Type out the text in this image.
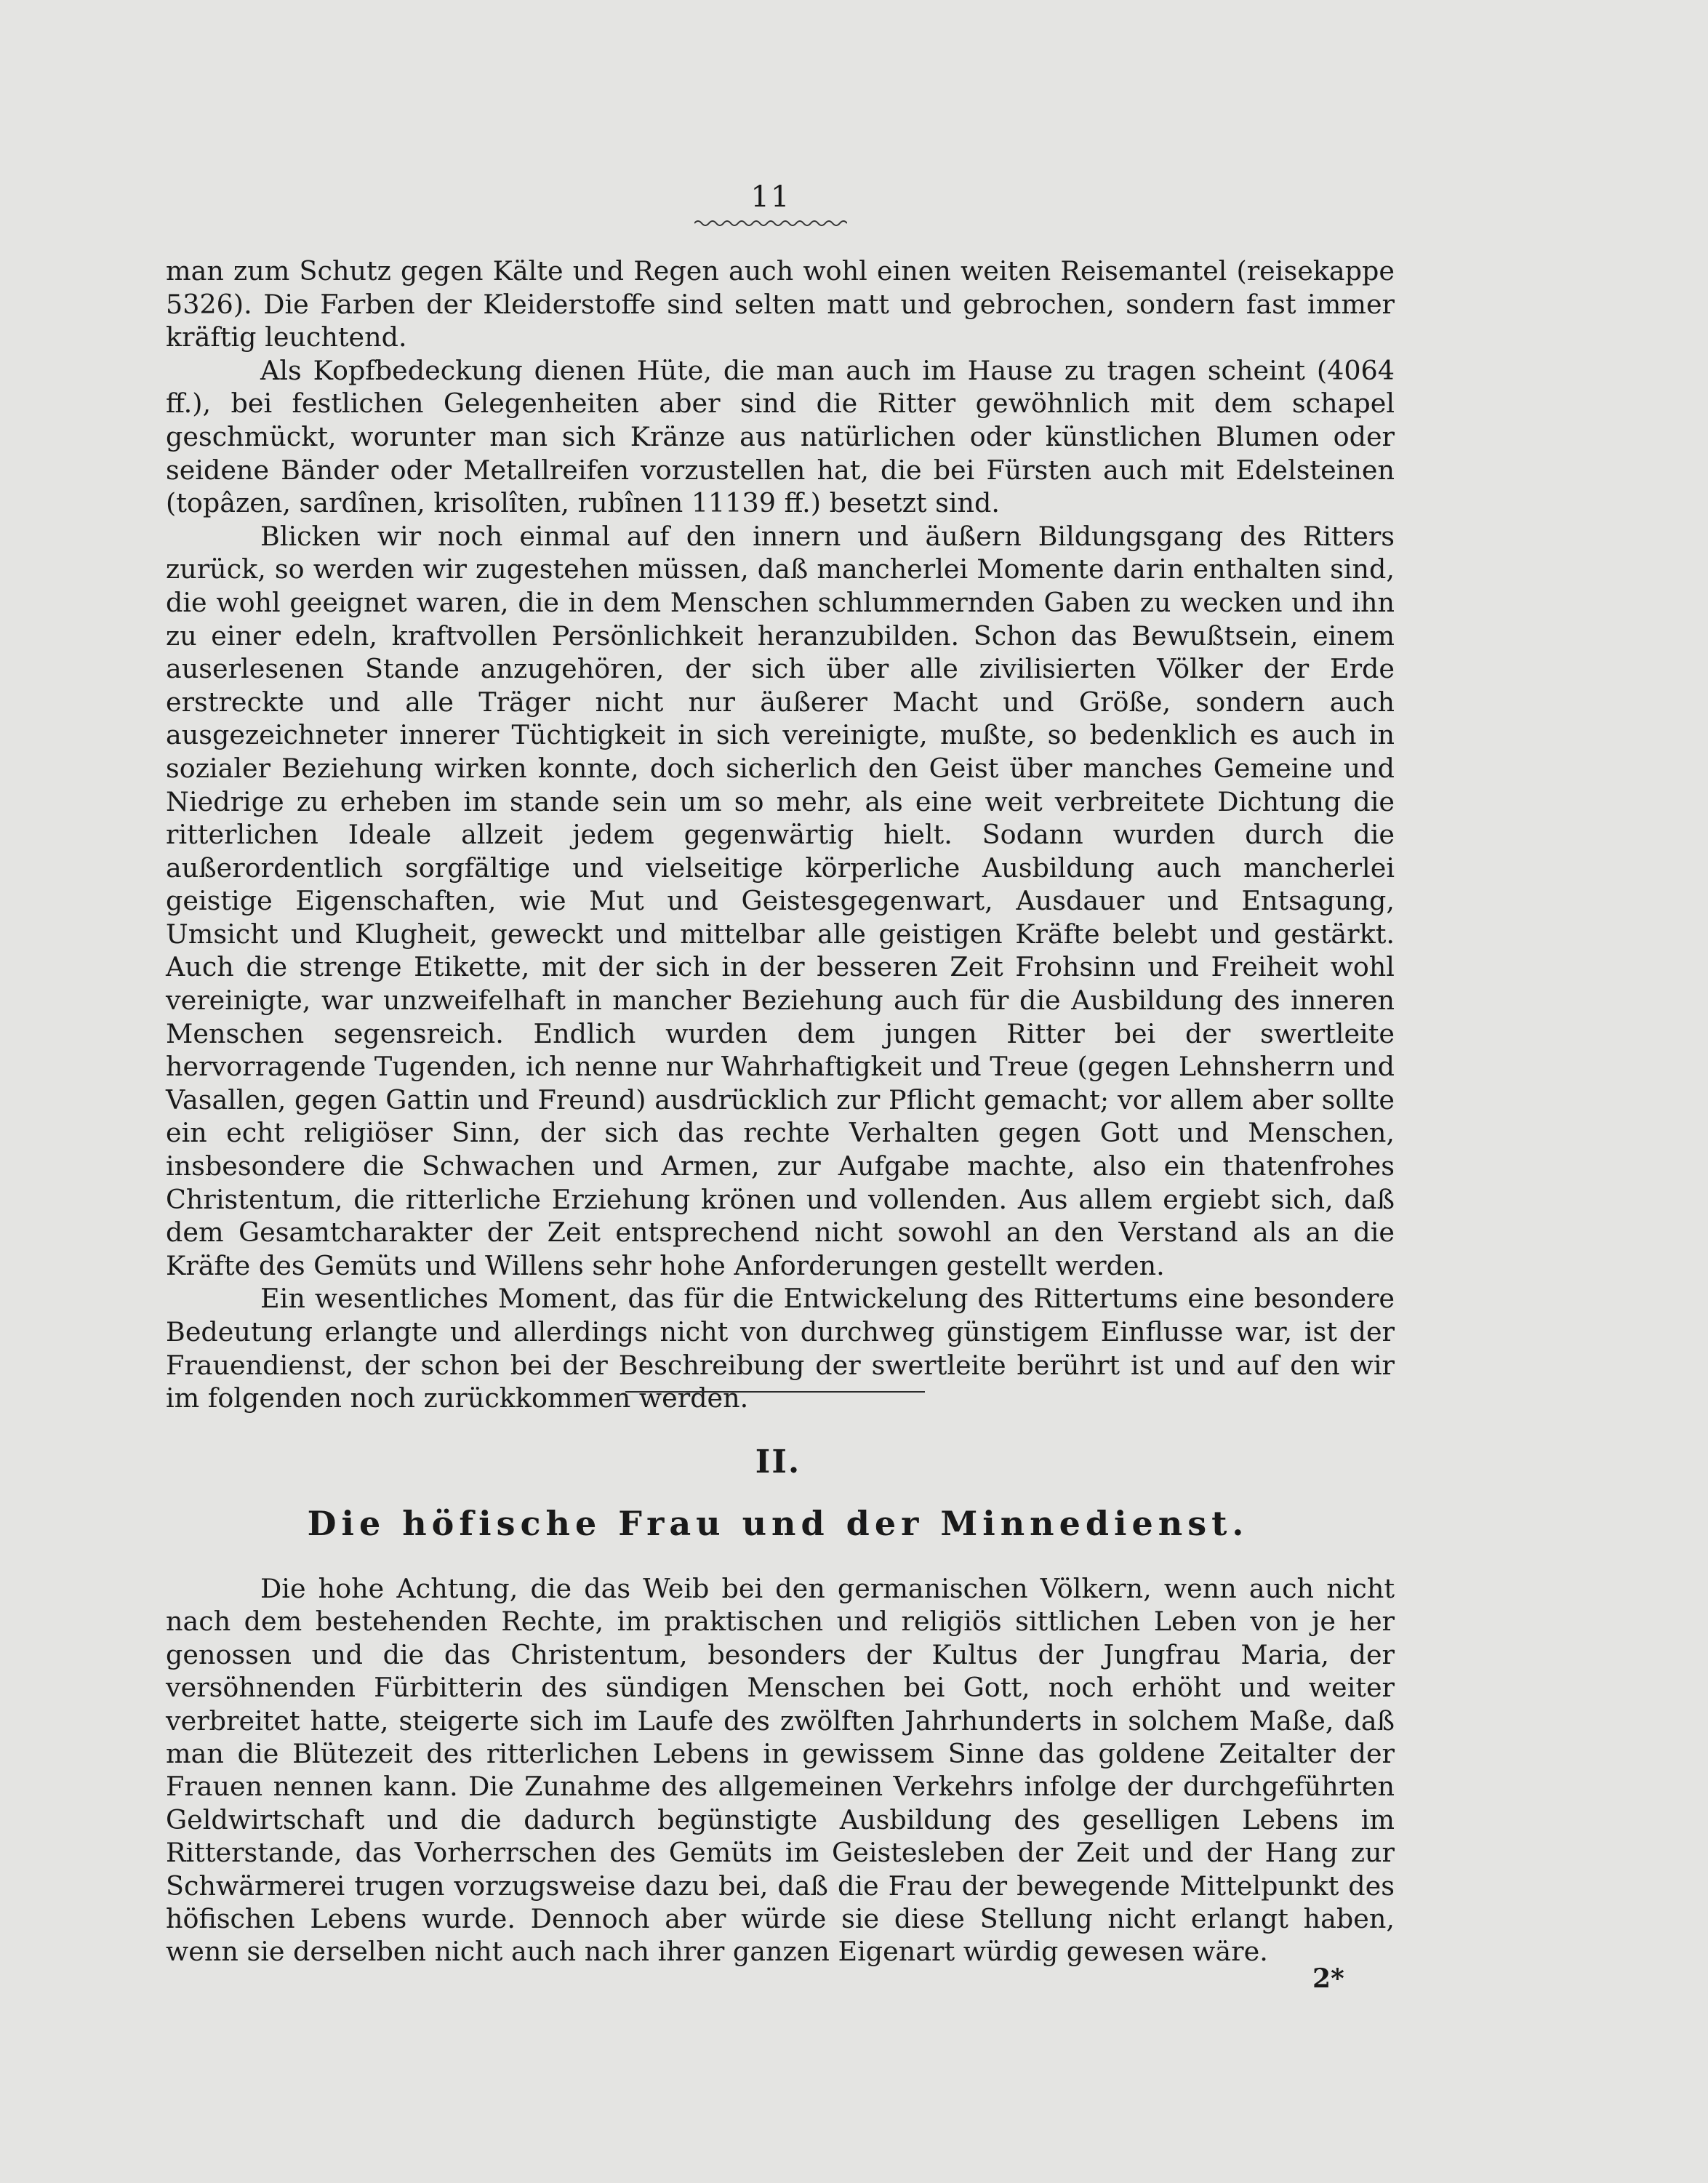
11

man zum Schutz gegen Kälte und Regen auch wohl einen weiten Reisemantel (reisekappe 5326). Die Farben der Kleiderstoffe sind selten matt und gebrochen, sondern fast immer kräftig leuchtend.

Als Kopfbedeckung dienen Hüte, die man auch im Hause zu tragen scheint (4064 ff.), bei festlichen Gelegenheiten aber sind die Ritter gewöhnlich mit dem schapel geschmückt, worunter man sich Kränze aus natürlichen oder künstlichen Blumen oder seidene Bänder oder Metallreifen vorzustellen hat, die bei Fürsten auch mit Edelsteinen (topâzen, sardînen, krisolîten, rubînen 11139 ff.) besetzt sind.

Blicken wir noch einmal auf den innern und äußern Bildungsgang des Ritters zurück, so werden wir zugestehen müssen, daß mancherlei Momente darin enthalten sind, die wohl geeignet waren, die in dem Menschen schlummernden Gaben zu wecken und ihn zu einer edeln, kraftvollen Persönlichkeit heranzubilden. Schon das Bewußtsein, einem auserlesenen Stande anzugehören, der sich über alle zivilisierten Völker der Erde erstreckte und alle Träger nicht nur äußerer Macht und Größe, sondern auch ausgezeichneter innerer Tüchtigkeit in sich vereinigte, mußte, so bedenklich es auch in sozialer Beziehung wirken konnte, doch sicherlich den Geist über manches Gemeine und Niedrige zu erheben im stande sein um so mehr, als eine weit verbreitete Dichtung die ritterlichen Ideale allzeit jedem gegenwärtig hielt. Sodann wurden durch die außerordentlich sorgfältige und vielseitige körperliche Ausbildung auch mancherlei geistige Eigenschaften, wie Mut und Geistesgegenwart, Ausdauer und Entsagung, Umsicht und Klugheit, geweckt und mittelbar alle geistigen Kräfte belebt und gestärkt. Auch die strenge Etikette, mit der sich in der besseren Zeit Frohsinn und Freiheit wohl vereinigte, war unzweifelhaft in mancher Beziehung auch für die Ausbildung des inneren Menschen segensreich. Endlich wurden dem jungen Ritter bei der swertleite hervorragende Tugenden, ich nenne nur Wahrhaftigkeit und Treue (gegen Lehnsherrn und Vasallen, gegen Gattin und Freund) ausdrücklich zur Pflicht gemacht; vor allem aber sollte ein echt religiöser Sinn, der sich das rechte Verhalten gegen Gott und Menschen, insbesondere die Schwachen und Armen, zur Aufgabe machte, also ein thatenfrohes Christentum, die ritterliche Erziehung krönen und vollenden. Aus allem ergiebt sich, daß dem Gesamtcharakter der Zeit entsprechend nicht sowohl an den Verstand als an die Kräfte des Gemüts und Willens sehr hohe Anforderungen gestellt werden.

Ein wesentliches Moment, das für die Entwickelung des Rittertums eine besondere Bedeutung erlangte und allerdings nicht von durchweg günstigem Einflusse war, ist der Frauendienst, der schon bei der Beschreibung der swertleite berührt ist und auf den wir im folgenden noch zurückkommen werden.

II.
Die höfische Frau und der Minnedienst.

Die hohe Achtung, die das Weib bei den germanischen Völkern, wenn auch nicht nach dem bestehenden Rechte, im praktischen und religiös sittlichen Leben von je her genossen und die das Christentum, besonders der Kultus der Jungfrau Maria, der versöhnenden Fürbitterin des sündigen Menschen bei Gott, noch erhöht und weiter verbreitet hatte, steigerte sich im Laufe des zwölften Jahrhunderts in solchem Maße, daß man die Blütezeit des ritterlichen Lebens in gewissem Sinne das goldene Zeitalter der Frauen nennen kann. Die Zunahme des allgemeinen Verkehrs infolge der durchgeführten Geldwirtschaft und die dadurch begünstigte Ausbildung des geselligen Lebens im Ritterstande, das Vorherrschen des Gemüts im Geistesleben der Zeit und der Hang zur Schwärmerei trugen vorzugsweise dazu bei, daß die Frau der bewegende Mittelpunkt des höfischen Lebens wurde. Dennoch aber würde sie diese Stellung nicht erlangt haben, wenn sie derselben nicht auch nach ihrer ganzen Eigenart würdig gewesen wäre.

2*
